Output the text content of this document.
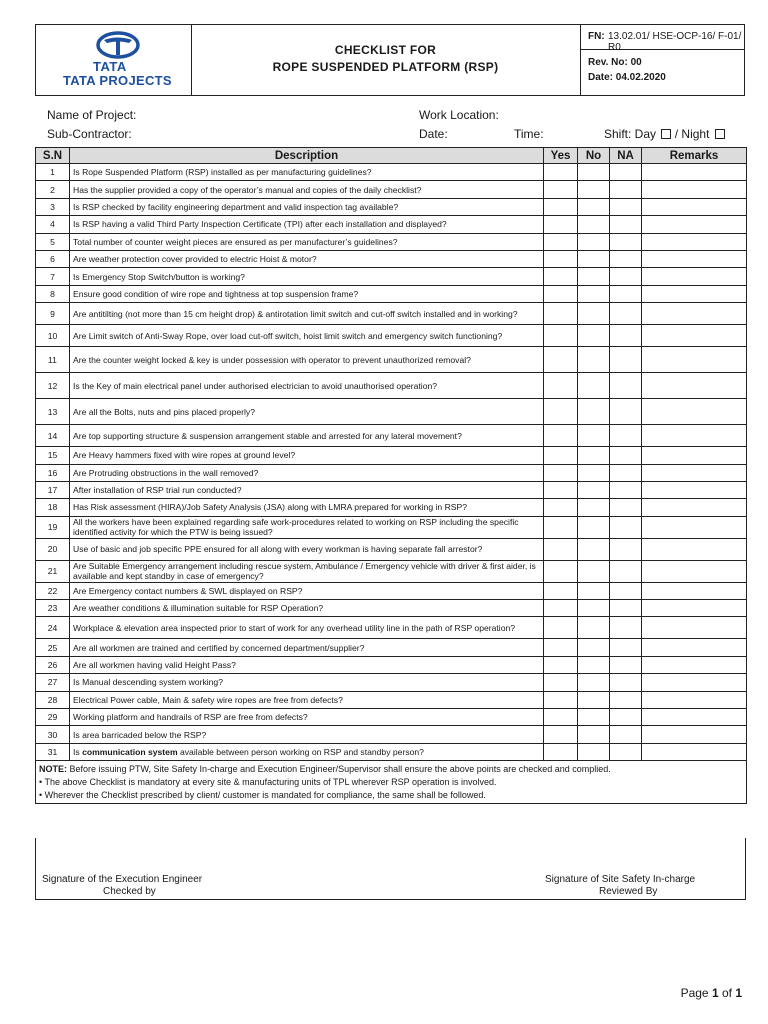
TATA
TATA PROJECTS
CHECKLIST FOR
ROPE SUSPENDED PLATFORM (RSP)
FN: 13.02.01/ HSE-OCP-16/ F-01/ R0
Rev. No: 00
Date: 04.02.2020
Name of Project:	Work Location:
Sub-Contractor:	Date:	Time:	Shift: Day / Night
S.N	Description	Yes	No	NA	Remarks
1	Is Rope Suspended Platform (RSP) installed as per manufacturing guidelines?				
2	Has the supplier provided a copy of the operator’s manual and copies of the daily checklist?				
3	Is RSP checked by facility engineering department and valid inspection tag available?				
4	Is RSP having a valid Third Party Inspection Certificate (TPI) after each installation and displayed?				
5	Total number of counter weight pieces are ensured as per manufacturer’s guidelines?				
6	Are weather protection cover provided to electric Hoist & motor?				
7	Is Emergency Stop Switch/button is working?				
8	Ensure good condition of wire rope and tightness at top suspension frame?				
9	Are antitilting (not more than 15 cm height drop) & antirotation limit switch and cut-off switch installed and in working?				
10	Are Limit switch of Anti-Sway Rope, over load cut-off switch, hoist limit switch and emergency switch functioning?				
11	Are the counter weight locked & key is under possession with operator to prevent unauthorized removal?				
12	Is the Key of main electrical panel under authorised electrician to avoid unauthorised operation?				
13	Are all the Bolts, nuts and pins placed properly?				
14	Are top supporting structure & suspension arrangement stable and arrested for any lateral movement?				
15	Are Heavy hammers fixed with wire ropes at ground level?				
16	Are Protruding obstructions in the wall removed?				
17	After installation of RSP trial run conducted?				
18	Has Risk assessment (HIRA)/Job Safety Analysis (JSA) along with LMRA prepared for working in RSP?				
19	All the workers have been explained regarding safe work-procedures related to working on RSP including the specific identified activity for which the PTW is being issued?				
20	Use of basic and job specific PPE ensured for all along with every workman is having separate fall arrestor?				
21	Are Suitable Emergency arrangement including rescue system, Ambulance / Emergency vehicle with driver & first aider, is available and kept standby in case of emergency?				
22	Are Emergency contact numbers & SWL displayed on RSP?				
23	Are weather conditions & illumination suitable for RSP Operation?				
24	Workplace & elevation area inspected prior to start of work for any overhead utility line in the path of RSP operation?				
25	Are all workmen are trained and certified by concerned department/supplier?				
26	Are all workmen having valid Height Pass?				
27	Is Manual descending system working?				
28	Electrical Power cable, Main & safety wire ropes are free from defects?				
29	Working platform and handrails of RSP are free from defects?				
30	Is area barricaded below the RSP?				
31	Is communication system available between person working on RSP and standby person?				

NOTE: Before issuing PTW, Site Safety In-charge and Execution Engineer/Supervisor shall ensure the above points are checked and complied.
• The above Checklist is mandatory at every site & manufacturing units of TPL wherever RSP operation is involved.
• Wherever the Checklist prescribed by client/ customer is mandated for compliance, the same shall be followed.					
Signature of the Execution Engineer
Checked by
Signature of Site Safety In-charge
Reviewed By
Page 1 of 1
